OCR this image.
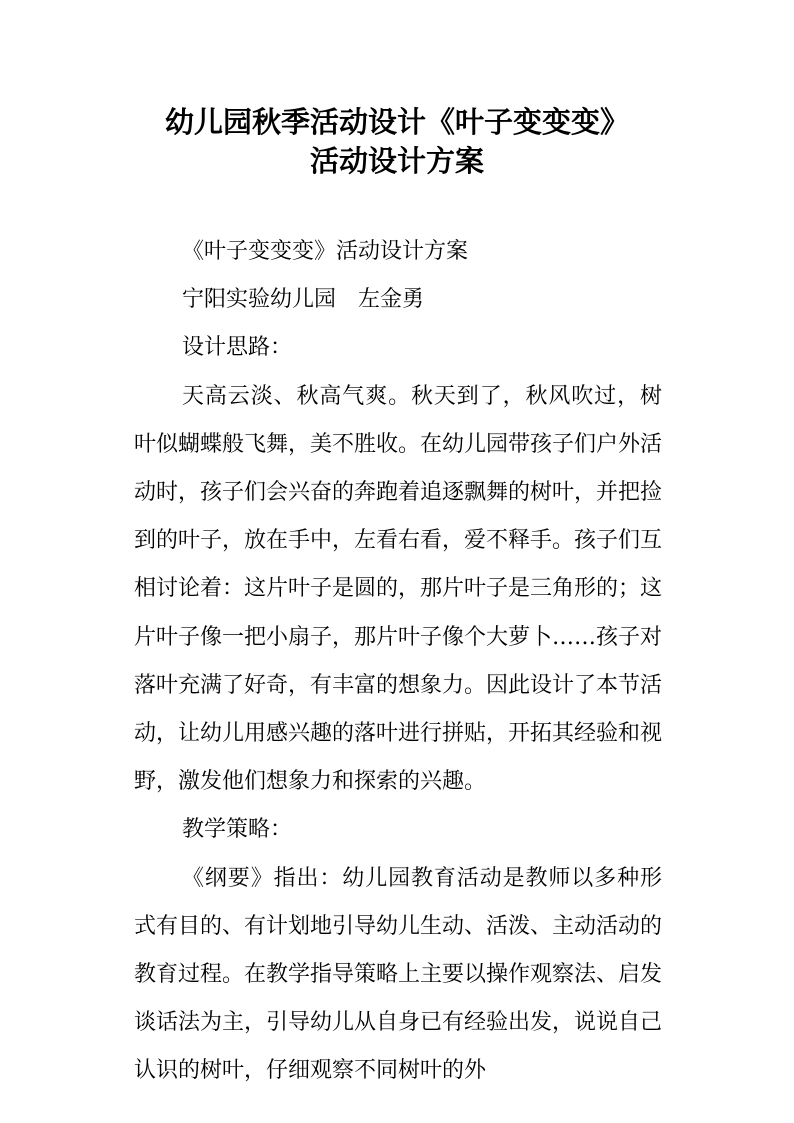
幼儿园秋季活动设计《叶子变变变》
活动设计方案

《叶子变变变》活动设计方案

宁阳实验幼儿园　左金勇

设计思路：

天高云淡、秋高气爽。秋天到了，秋风吹过，树叶似蝴蝶般飞舞，美不胜收。在幼儿园带孩子们户外活动时，孩子们会兴奋的奔跑着追逐飘舞的树叶，并把捡到的叶子，放在手中，左看右看，爱不释手。孩子们互相讨论着：这片叶子是圆的，那片叶子是三角形的；这片叶子像一把小扇子，那片叶子像个大萝卜……孩子对落叶充满了好奇，有丰富的想象力。因此设计了本节活动，让幼儿用感兴趣的落叶进行拼贴，开拓其经验和视野，激发他们想象力和探索的兴趣。

教学策略：

《纲要》指出：幼儿园教育活动是教师以多种形式有目的、有计划地引导幼儿生动、活泼、主动活动的教育过程。在教学指导策略上主要以操作观察法、启发谈话法为主，引导幼儿从自身已有经验出发，说说自己认识的树叶，仔细观察不同树叶的外
